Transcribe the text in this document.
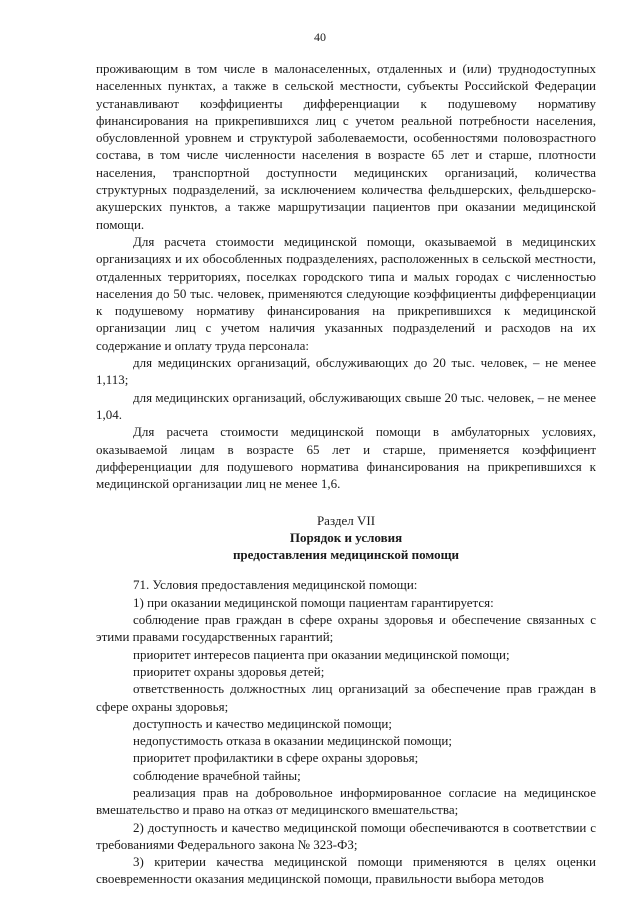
40

проживающим в том числе в малонаселенных, отдаленных и (или) труднодоступных населенных пунктах, а также в сельской местности, субъекты Российской Федерации устанавливают коэффициенты дифференциации к подушевому нормативу финансирования на прикрепившихся лиц с учетом реальной потребности населения, обусловленной уровнем и структурой заболеваемости, особенностями половозрастного состава, в том числе численности населения в возрасте 65 лет и старше, плотности населения, транспортной доступности медицинских организаций, количества структурных подразделений, за исключением количества фельдшерских, фельдшерско-акушерских пунктов, а также маршрутизации пациентов при оказании медицинской помощи.

Для расчета стоимости медицинской помощи, оказываемой в медицинских организациях и их обособленных подразделениях, расположенных в сельской местности, отдаленных территориях, поселках городского типа и малых городах с численностью населения до 50 тыс. человек, применяются следующие коэффициенты дифференциации к подушевому нормативу финансирования на прикрепившихся к медицинской организации лиц с учетом наличия указанных подразделений и расходов на их содержание и оплату труда персонала:

для медицинских организаций, обслуживающих до 20 тыс. человек, – не менее 1,113;

для медицинских организаций, обслуживающих свыше 20 тыс. человек, – не менее 1,04.

Для расчета стоимости медицинской помощи в амбулаторных условиях, оказываемой лицам в возрасте 65 лет и старше, применяется коэффициент дифференциации для подушевого норматива финансирования на прикрепившихся к медицинской организации лиц не менее 1,6.

Раздел VII
Порядок и условия
предоставления медицинской помощи

71. Условия предоставления медицинской помощи:

1) при оказании медицинской помощи пациентам гарантируется:

соблюдение прав граждан в сфере охраны здоровья и обеспечение связанных с этими правами государственных гарантий;

приоритет интересов пациента при оказании медицинской помощи;

приоритет охраны здоровья детей;

ответственность должностных лиц организаций за обеспечение прав граждан в сфере охраны здоровья;

доступность и качество медицинской помощи;

недопустимость отказа в оказании медицинской помощи;

приоритет профилактики в сфере охраны здоровья;

соблюдение врачебной тайны;

реализация прав на добровольное информированное согласие на медицинское вмешательство и право на отказ от медицинского вмешательства;

2) доступность и качество медицинской помощи обеспечиваются в соответствии с требованиями Федерального закона № 323-ФЗ;

3) критерии качества медицинской помощи применяются в целях оценки своевременности оказания медицинской помощи, правильности выбора методов
